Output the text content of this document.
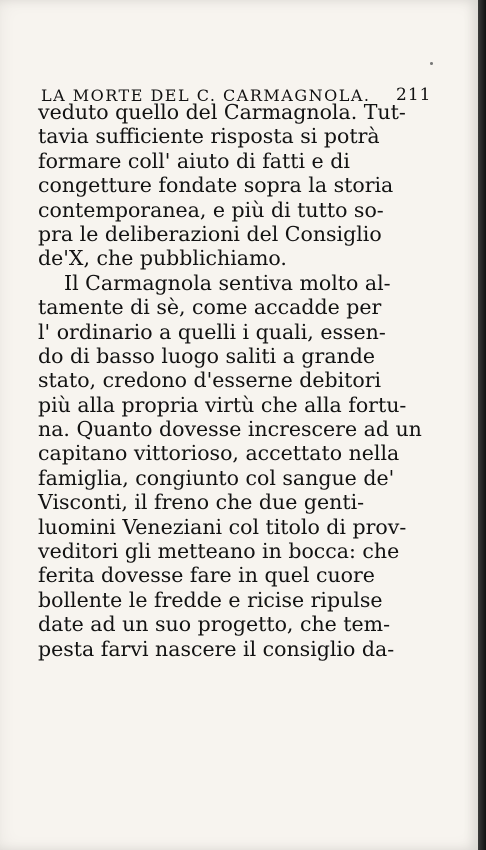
LA MORTE DEL C. CARMAGNOLA. 211
veduto quello del Carmagnola. Tut-
tavia sufficiente risposta si potrà
formare coll' aiuto di fatti e di
congetture fondate sopra la storia
contemporanea, e più di tutto so-
pra le deliberazioni del Consiglio
de'X, che pubblichiamo.
Il Carmagnola sentiva molto al-
tamente di sè, come accadde per
l' ordinario a quelli i quali, essen-
do di basso luogo saliti a grande
stato, credono d'esserne debitori
più alla propria virtù che alla fortu-
na. Quanto dovesse increscere ad un
capitano vittorioso, accettato nella
famiglia, congiunto col sangue de'
Visconti, il freno che due genti-
luomini Veneziani col titolo di prov-
veditori gli metteano in bocca: che
ferita dovesse fare in quel cuore
bollente le fredde e ricise ripulse
date ad un suo progetto, che tem-
pesta farvi nascere il consiglio da-
